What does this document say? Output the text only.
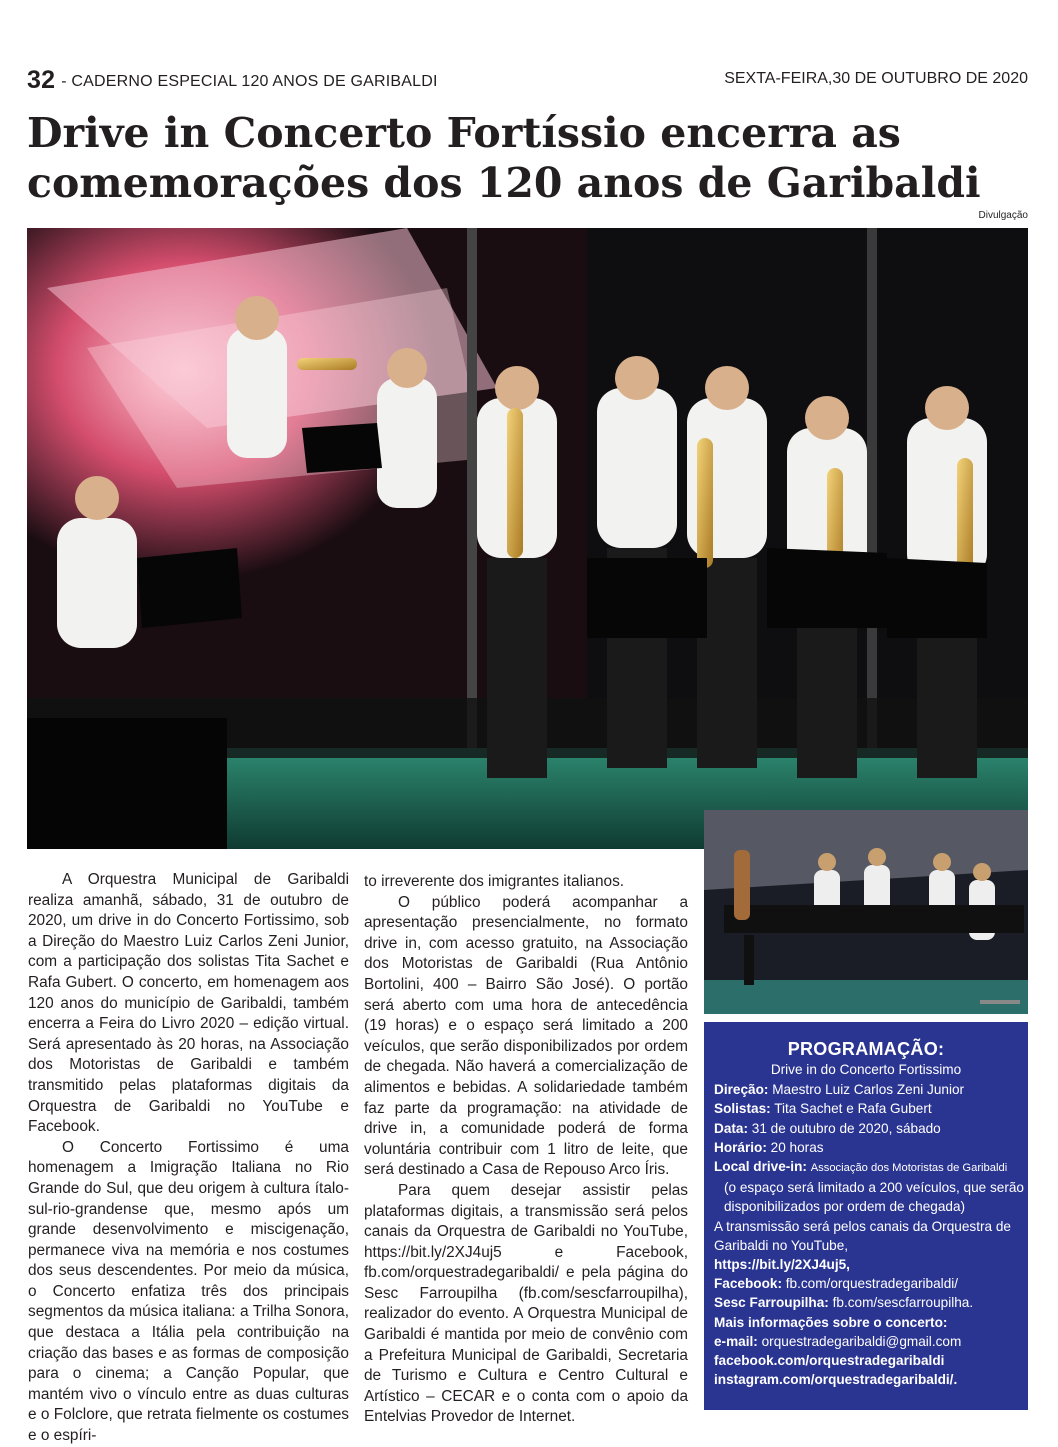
32 - CADERNO ESPECIAL 120 ANOS DE GARIBALDI	SEXTA-FEIRA,30 DE OUTUBRO DE 2020
Drive in Concerto Fortíssio encerra as
comemorações dos 120 anos de Garibaldi
Divulgação

A Orquestra Municipal de Garibaldi realiza amanhã, sábado, 31 de outubro de 2020, um drive in do Concerto Fortissimo, sob a Direção do Maestro Luiz Carlos Zeni Junior, com a participação dos solistas Tita Sachet e Rafa Gubert. O concerto, em homenagem aos 120 anos do município de Garibaldi, também encerra a Feira do Livro 2020 – edição virtual. Será apresentado às 20 horas, na Associação dos Motoristas de Garibaldi e também transmitido pelas plataformas digitais da Orquestra de Garibaldi no YouTube e Facebook.

O Concerto Fortissimo é uma homenagem a Imigração Italiana no Rio Grande do Sul, que deu origem à cultura ítalo-sul-rio-grandense que, mesmo após um grande desenvolvimento e miscigenação, permanece viva na memória e nos costumes dos seus descendentes. Por meio da música, o Concerto enfatiza três dos principais segmentos da música italiana: a Trilha Sonora, que destaca a Itália pela contribuição na criação das bases e as formas de composição para o cinema; a Canção Popular, que mantém vivo o vínculo entre as duas culturas e o Folclore, que retrata fielmente os costumes e o espíri-

to irreverente dos imigrantes italianos.

O público poderá acompanhar a apresentação presencialmente, no formato drive in, com acesso gratuito, na Associação dos Motoristas de Garibaldi (Rua Antônio Bortolini, 400 – Bairro São José). O portão será aberto com uma hora de antecedência (19 horas) e o espaço será limitado a 200 veículos, que serão disponibilizados por ordem de chegada. Não haverá a comercialização de alimentos e bebidas. A solidariedade também faz parte da programação: na atividade de drive in, a comunidade poderá de forma voluntária contribuir com 1 litro de leite, que será destinado a Casa de Repouso Arco Íris.

Para quem desejar assistir pelas plataformas digitais, a transmissão será pelos canais da Orquestra de Garibaldi no YouTube, https://bit.ly/2XJ4uj5 e Facebook, fb.com/orquestradegaribaldi/ e pela página do Sesc Farroupilha (fb.com/sescfarroupilha), realizador do evento. A Orquestra Municipal de Garibaldi é mantida por meio de convênio com a Prefeitura Municipal de Garibaldi, Secretaria de Turismo e Cultura e Centro Cultural e Artístico – CECAR e o conta com o apoio da Entelvias Provedor de Internet.

PROGRAMAÇÃO:
Drive in do Concerto Fortissimo
Direção: Maestro Luiz Carlos Zeni Junior
Solistas: Tita Sachet e Rafa Gubert
Data: 31 de outubro de 2020, sábado
Horário: 20 horas
Local drive-in: Associação dos Motoristas de Garibaldi
(o espaço será limitado a 200 veículos, que serão
disponibilizados por ordem de chegada)
A transmissão será pelos canais da Orquestra de
Garibaldi no YouTube,
https://bit.ly/2XJ4uj5,
Facebook: fb.com/orquestradegaribaldi/
Sesc Farroupilha: fb.com/sescfarroupilha.
Mais informações sobre o concerto:
e-mail: orquestradegaribaldi@gmail.com
facebook.com/orquestradegaribaldi
instagram.com/orquestradegaribaldi/.
